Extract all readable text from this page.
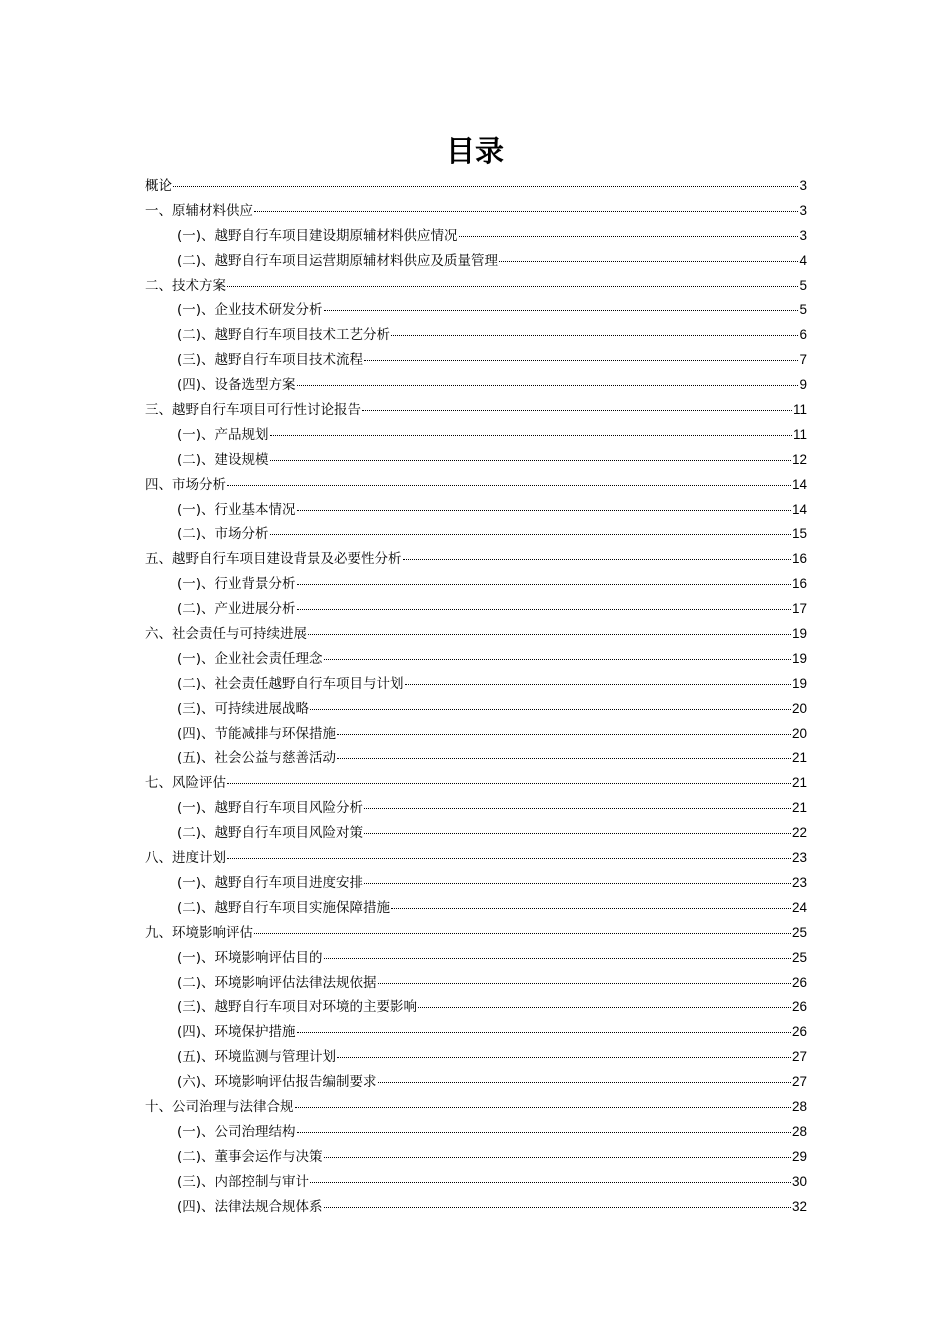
目录
概论	3
一、原辅材料供应	3
(一)、越野自行车项目建设期原辅材料供应情况	3
(二)、越野自行车项目运营期原辅材料供应及质量管理	4
二、技术方案	5
(一)、企业技术研发分析	5
(二)、越野自行车项目技术工艺分析	6
(三)、越野自行车项目技术流程	7
(四)、设备选型方案	9
三、越野自行车项目可行性讨论报告	11
(一)、产品规划	11
(二)、建设规模	12
四、市场分析	14
(一)、行业基本情况	14
(二)、市场分析	15
五、越野自行车项目建设背景及必要性分析	16
(一)、行业背景分析	16
(二)、产业进展分析	17
六、社会责任与可持续进展	19
(一)、企业社会责任理念	19
(二)、社会责任越野自行车项目与计划	19
(三)、可持续进展战略	20
(四)、节能减排与环保措施	20
(五)、社会公益与慈善活动	21
七、风险评估	21
(一)、越野自行车项目风险分析	21
(二)、越野自行车项目风险对策	22
八、进度计划	23
(一)、越野自行车项目进度安排	23
(二)、越野自行车项目实施保障措施	24
九、环境影响评估	25
(一)、环境影响评估目的	25
(二)、环境影响评估法律法规依据	26
(三)、越野自行车项目对环境的主要影响	26
(四)、环境保护措施	26
(五)、环境监测与管理计划	27
(六)、环境影响评估报告编制要求	27
十、公司治理与法律合规	28
(一)、公司治理结构	28
(二)、董事会运作与决策	29
(三)、内部控制与审计	30
(四)、法律法规合规体系	32
